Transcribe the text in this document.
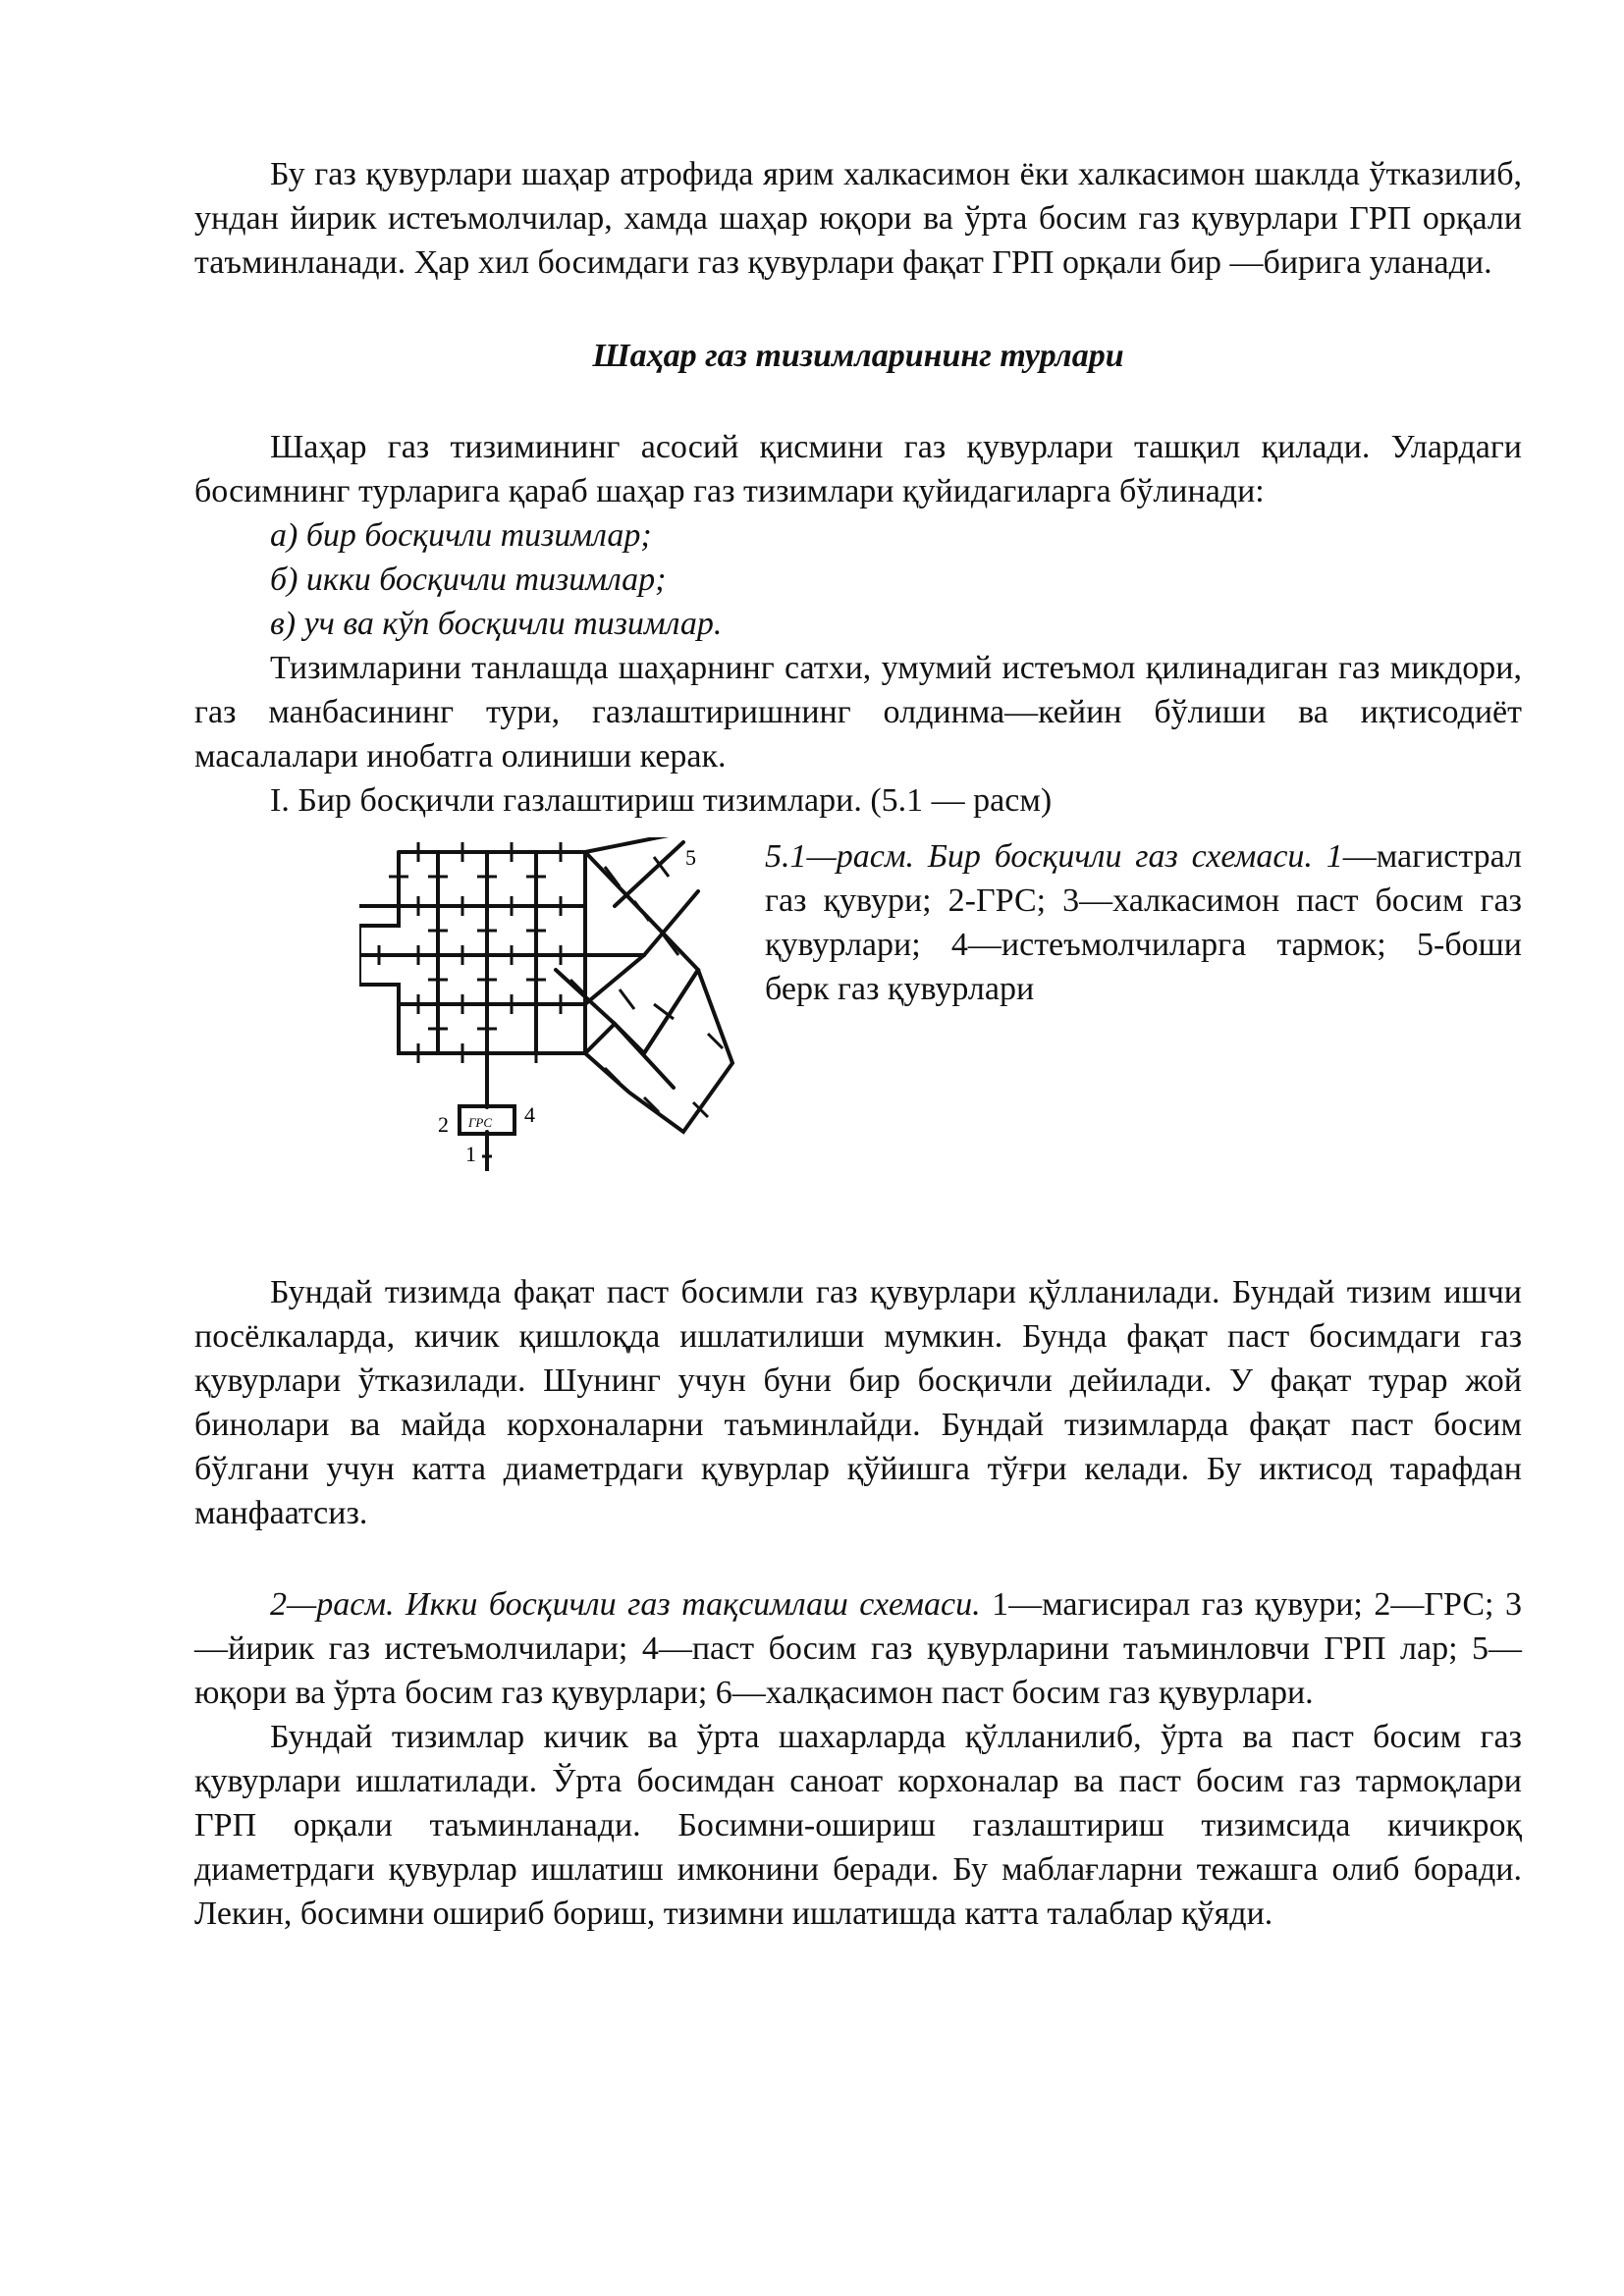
Бу газ қувурлари шаҳар атрофида ярим халкасимон ёки халкасимон шаклда ўтказилиб, ундан йирик истеъмолчилар, хамда шаҳар юқори ва ўрта босим газ қувурлари ГРП орқали таъминланади. Ҳар хил босимдаги газ қувурлари фақат ГРП орқали бир —бирига уланади.

Шаҳар газ тизимларининг турлари

Шаҳар газ тизимининг асосий қисмини газ қувурлари ташқил қилади. Улардаги босимнинг турларига қараб шаҳар газ тизимлари қуйидагиларга бўлинади:

а) бир босқичли тизимлар;

б) икки босқичли тизимлар;

в) уч ва кўп босқичли тизимлар.

Тизимларини танлашда шаҳарнинг сатхи, умумий истеъмол қилинадиган газ микдори, газ манбасининг тури, газлаштиришнинг олдинма—кейин бўлиши ва иқтисодиёт масалалари инобатга олиниши керак.

I. Бир босқичли газлаштириш тизимлари. (5.1 — расм)

5
ГРС
2	4
1

5.1—расм. Бир босқичли газ схемаси. 1—магистрал газ қувури; 2-ГРС; 3—халкасимон паст босим газ қувурлари; 4—истеъмолчиларга тармок; 5-боши берк газ қувурлари

Бундай тизимда фақат паст босимли газ қувурлари қўлланилади. Бундай тизим ишчи посёлкаларда, кичик қишлоқда ишлатилиши мумкин. Бунда фақат паст босимдаги газ қувурлари ўтказилади. Шунинг учун буни бир босқичли дейилади. У фақат турар жой бинолари ва майда корхоналарни таъминлайди. Бундай тизимларда фақат паст босим бўлгани учун катта диаметрдаги қувурлар қўйишга тўғри келади. Бу иктисод тарафдан манфаатсиз.

2—расм. Икки босқичли газ тақсимлаш схемаси. 1—магисирал газ қувури; 2—ГРС; 3—йирик газ истеъмолчилари; 4—паст босим газ қувурларини таъминловчи ГРП лар; 5—юқори ва ўрта босим газ қувурлари; 6—халқасимон паст босим газ қувурлари.

Бундай тизимлар кичик ва ўрта шахарларда қўлланилиб, ўрта ва паст босим газ қувурлари ишлатилади. Ўрта босимдан саноат корхоналар ва паст босим газ тармоқлари ГРП орқали таъминланади. Босимни-ошириш газлаштириш тизимсида кичикроқ диаметрдаги қувурлар ишлатиш имконини беради. Бу маблағларни тежашга олиб боради. Лекин, босимни ошириб бориш, тизимни ишлатишда катта талаблар қўяди.
